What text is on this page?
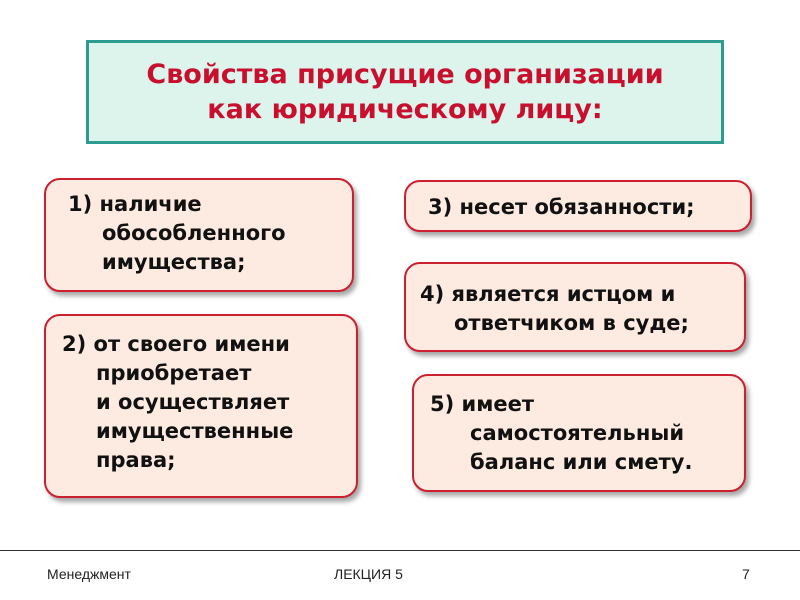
Свойства присущие организации
как юридическому лицу:
1) наличие
обособленного
имущества;
2) от своего имени
приобретает
и осуществляет
имущественные
права;
3) несет обязанности;
4) является истцом и
ответчиком в суде;
5) имеет
самостоятельный
баланс или смету.
Менеджмент	ЛЕКЦИЯ 5	7
